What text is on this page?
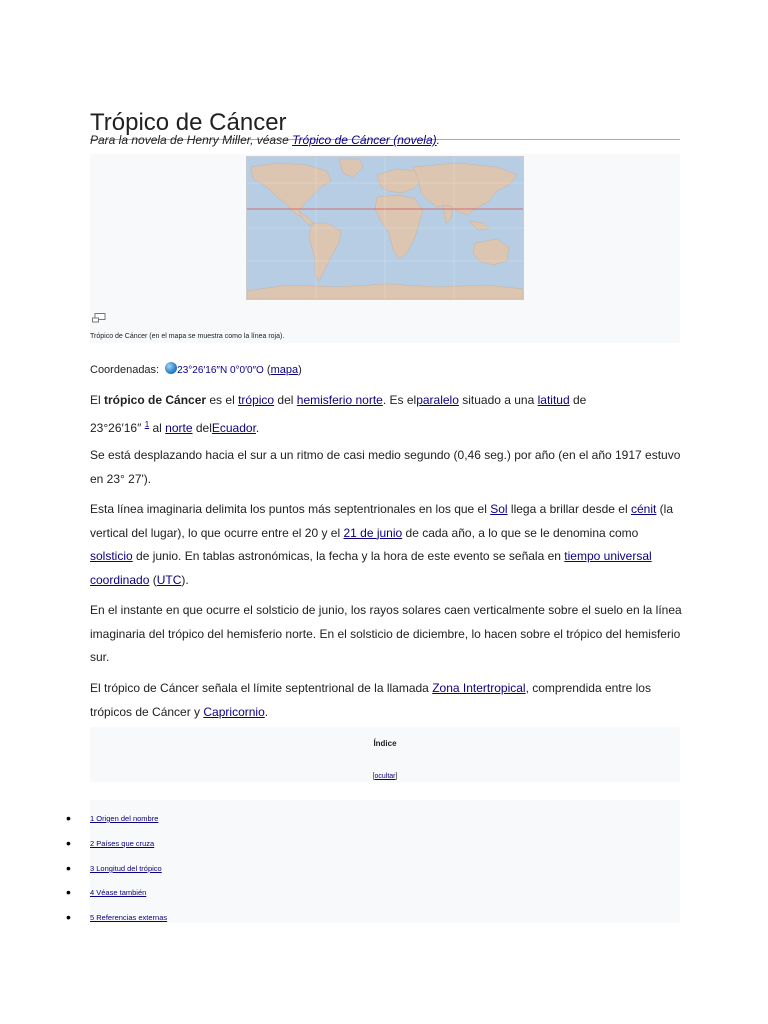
Trópico de Cáncer
Para la novela de Henry Miller, véase Trópico de Cáncer (novela).
Trópico de Cáncer (en el mapa se muestra como la línea roja).
Coordenadas: 23°26′16″N 0°0′0″O (mapa)

El trópico de Cáncer es el trópico del hemisferio norte. Es elparalelo situado a una latitud de 23°26′16″ $^1$ al norte delEcuador.

Se está desplazando hacia el sur a un ritmo de casi medio segundo (0,46 seg.) por año (en el año 1917 estuvo en 23° 27').

Esta línea imaginaria delimita los puntos más septentrionales en los que el Sol llega a brillar desde el cénit (la vertical del lugar), lo que ocurre entre el 20 y el 21 de junio de cada año, a lo que se le denomina como solsticio de junio. En tablas astronómicas, la fecha y la hora de este evento se señala en tiempo universal coordinado (UTC).

En el instante en que ocurre el solsticio de junio, los rayos solares caen verticalmente sobre el suelo en la línea imaginaria del trópico del hemisferio norte. En el solsticio de diciembre, lo hacen sobre el trópico del hemisferio sur.

El trópico de Cáncer señala el límite septentrional de la llamada Zona Intertropical, comprendida entre los trópicos de Cáncer y Capricornio.

Índice
[ocultar]
•	1 Origen del nombre
•	2 Países que cruza
•	3 Longitud del trópico
•	4 Véase también
•	5 Referencias externas
